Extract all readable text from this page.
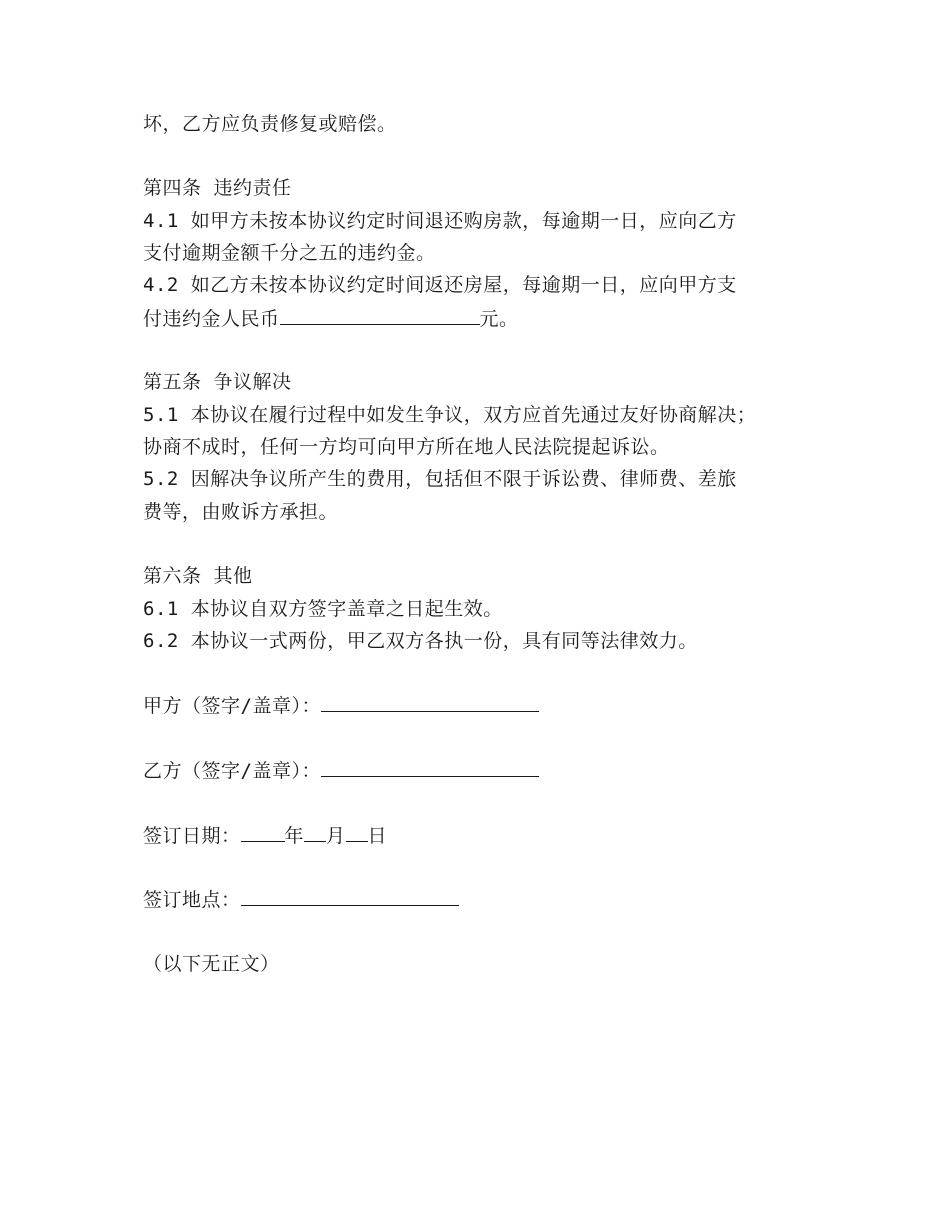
坏，乙方应负责修复或赔偿。
第四条 违约责任
4.1 如甲方未按本协议约定时间退还购房款，每逾期一日，应向乙方
支付逾期金额千分之五的违约金。
4.2 如乙方未按本协议约定时间返还房屋，每逾期一日，应向甲方支
付违约金人民币	元。
第五条 争议解决
5.1 本协议在履行过程中如发生争议，双方应首先通过友好协商解决；
协商不成时，任何一方均可向甲方所在地人民法院提起诉讼。
5.2 因解决争议所产生的费用，包括但不限于诉讼费、律师费、差旅
费等，由败诉方承担。
第六条 其他
6.1 本协议自双方签字盖章之日起生效。
6.2 本协议一式两份，甲乙双方各执一份，具有同等法律效力。
甲方（签字/盖章）：
乙方（签字/盖章）：
签订日期： 年 月 日
签订地点：
（以下无正文）
